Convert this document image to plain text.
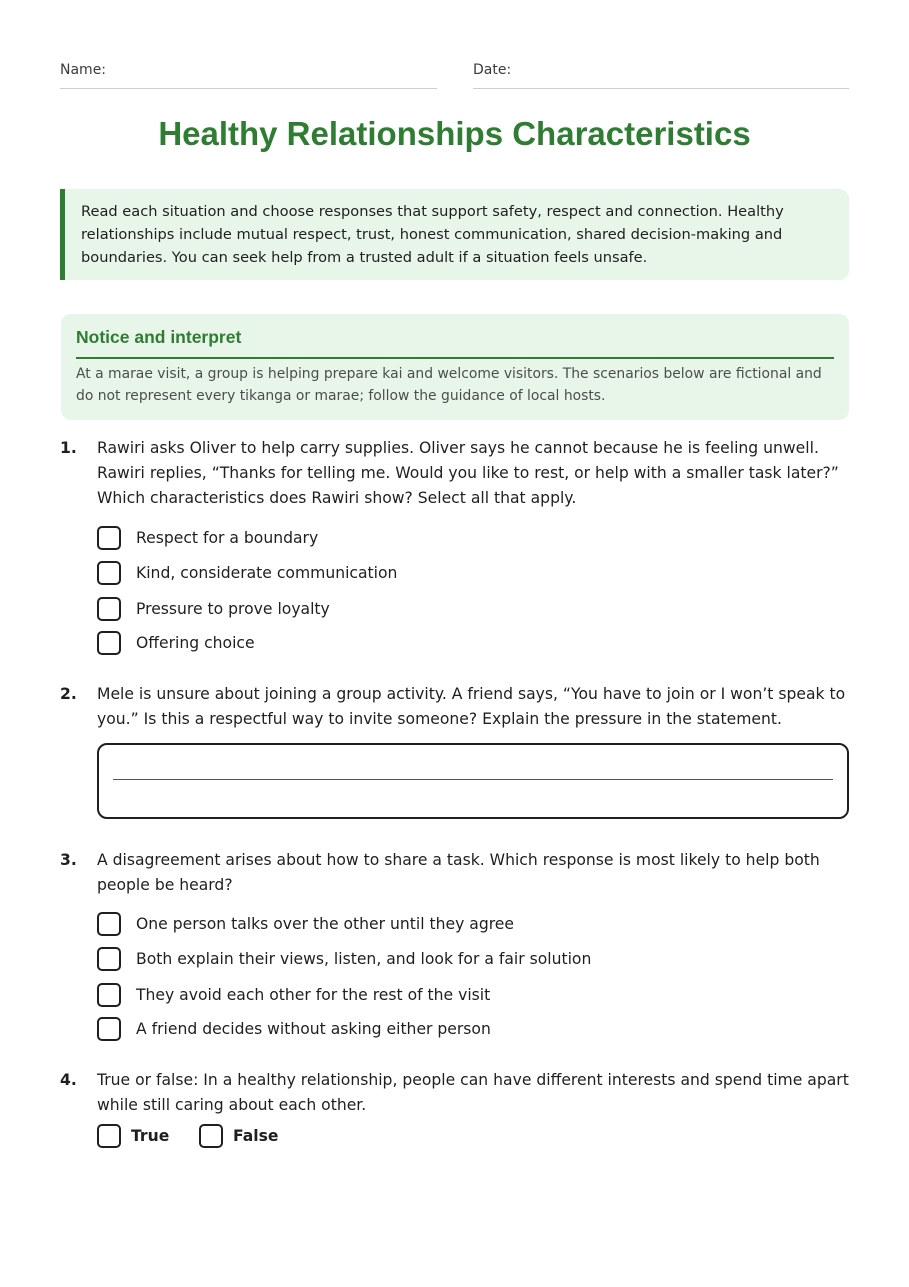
Name:	Date:
Healthy Relationships Characteristics
Read each situation and choose responses that support safety, respect and connection. Healthy relationships include mutual respect, trust, honest communication, shared decision-making and boundaries. You can seek help from a trusted adult if a situation feels unsafe.
Notice and interpret

At a marae visit, a group is helping prepare kai and welcome visitors. The scenarios below are fictional and do not represent every tikanga or marae; follow the guidance of local hosts.

1. Rawiri asks Oliver to help carry supplies. Oliver says he cannot because he is feeling unwell. Rawiri replies, “Thanks for telling me. Would you like to rest, or help with a smaller task later?” Which characteristics does Rawiri show? Select all that apply.

Respect for a boundary
Kind, considerate communication
Pressure to prove loyalty
Offering choice
2. Mele is unsure about joining a group activity. A friend says, “You have to join or I won’t speak to you.” Is this a respectful way to invite someone? Explain the pressure in the statement.

3. A disagreement arises about how to share a task. Which response is most likely to help both people be heard?

One person talks over the other until they agree
Both explain their views, listen, and look for a fair solution
They avoid each other for the rest of the visit
A friend decides without asking either person
4. True or false: In a healthy relationship, people can have different interests and spend time apart while still caring about each other.

True	False
